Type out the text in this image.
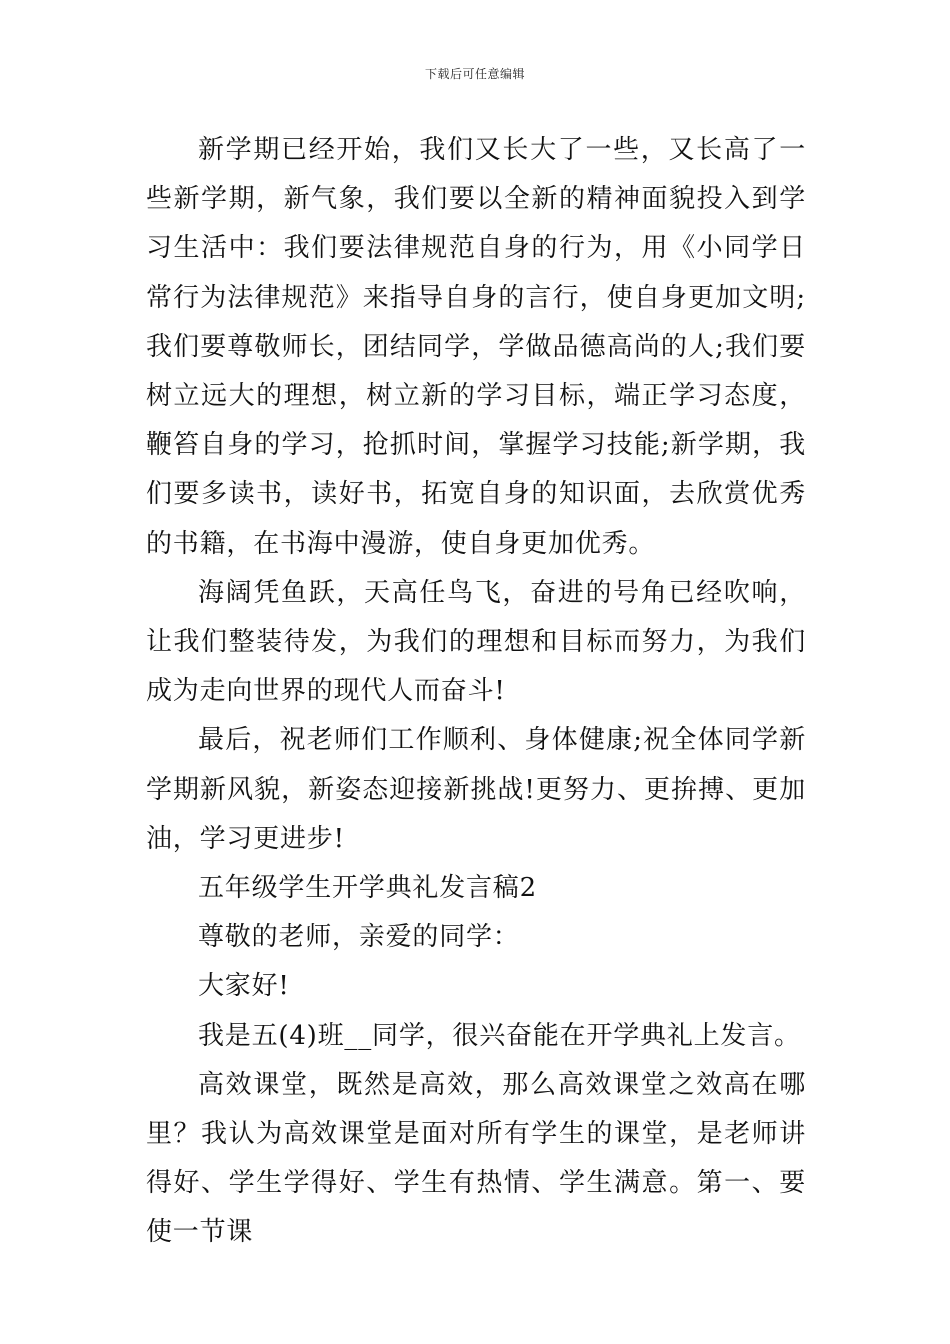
下载后可任意编辑

新学期已经开始，我们又长大了一些，又长高了一些新学期，新气象，我们要以全新的精神面貌投入到学习生活中：我们要法律规范自身的行为，用《小同学日常行为法律规范》来指导自身的言行，使自身更加文明;我们要尊敬师长，团结同学，学做品德高尚的人;我们要树立远大的理想，树立新的学习目标，端正学习态度，鞭笞自身的学习，抢抓时间，掌握学习技能;新学期，我们要多读书，读好书，拓宽自身的知识面，去欣赏优秀的书籍，在书海中漫游，使自身更加优秀。

海阔凭鱼跃，天高任鸟飞，奋进的号角已经吹响，让我们整装待发，为我们的理想和目标而努力，为我们成为走向世界的现代人而奋斗!

最后，祝老师们工作顺利、身体健康;祝全体同学新学期新风貌，新姿态迎接新挑战!更努力、更拚搏、更加油，学习更进步!

五年级学生开学典礼发言稿2

尊敬的老师，亲爱的同学：

大家好!

我是五(4)班__同学，很兴奋能在开学典礼上发言。

高效课堂，既然是高效，那么高效课堂之效高在哪里？我认为高效课堂是面对所有学生的课堂，是老师讲得好、学生学得好、学生有热情、学生满意。第一、要使一节课
